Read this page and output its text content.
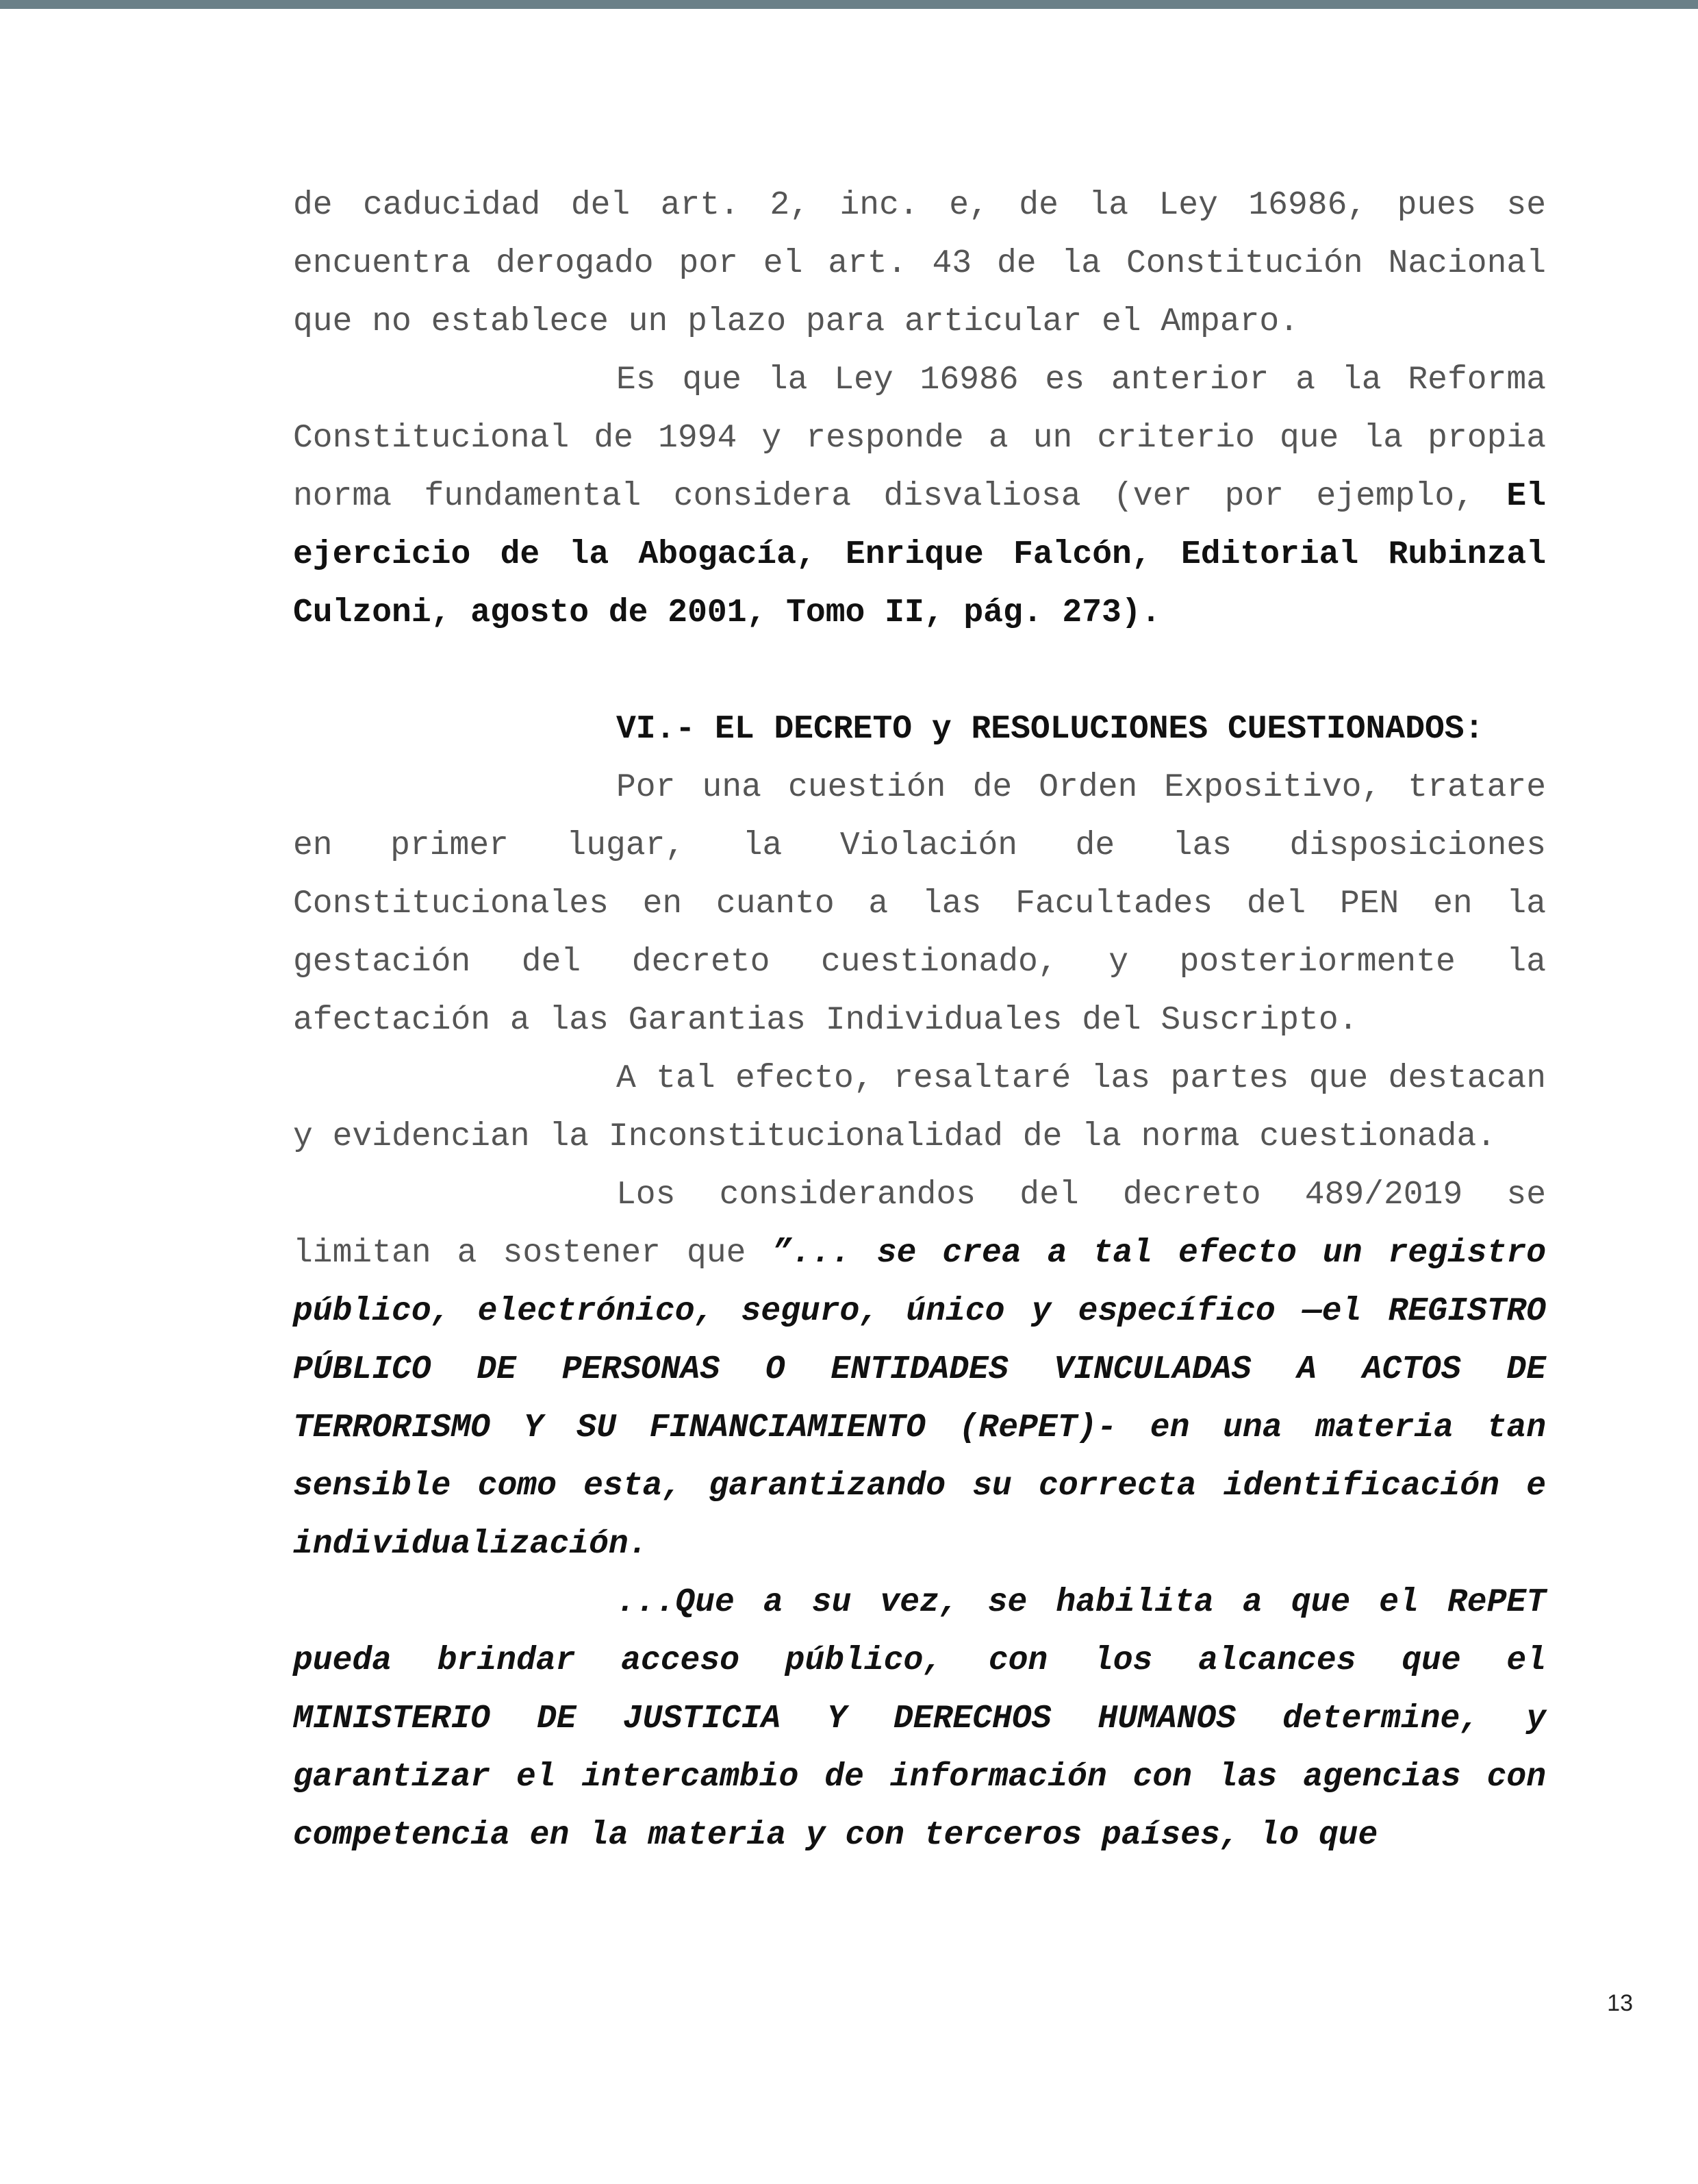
de caducidad del art. 2, inc. e, de la Ley 16986, pues se encuentra derogado por el art. 43 de la Constitución Nacional que no establece un plazo para articular el Amparo.

Es que la Ley 16986 es anterior a la Reforma Constitucional de 1994 y responde a un criterio que la propia norma fundamental considera disvaliosa (ver por ejemplo, El ejercicio de la Abogacía, Enrique Falcón, Editorial Rubinzal Culzoni, agosto de 2001, Tomo II, pág. 273).

VI.- EL DECRETO y RESOLUCIONES CUESTIONADOS:

Por una cuestión de Orden Expositivo, tratare en primer lugar, la Violación de las disposiciones Constitucionales en cuanto a las Facultades del PEN en la gestación del decreto cuestionado, y posteriormente la afectación a las Garantias Individuales del Suscripto.

A tal efecto, resaltaré las partes que destacan y evidencian la Inconstitucionalidad de la norma cuestionada.

Los considerandos del decreto 489/2019 se limitan a sostener que ”... se crea a tal efecto un registro público, electrónico, seguro, único y específico —el REGISTRO PÚBLICO DE PERSONAS O ENTIDADES VINCULADAS A ACTOS DE TERRORISMO Y SU FINANCIAMIENTO (RePET)- en una materia tan sensible como esta, garantizando su correcta identificación e individualización.

...Que a su vez, se habilita a que el RePET pueda brindar acceso público, con los alcances que el MINISTERIO DE JUSTICIA Y DERECHOS HUMANOS determine, y garantizar el intercambio de información con las agencias con competencia en la materia y con terceros países, lo que

13
